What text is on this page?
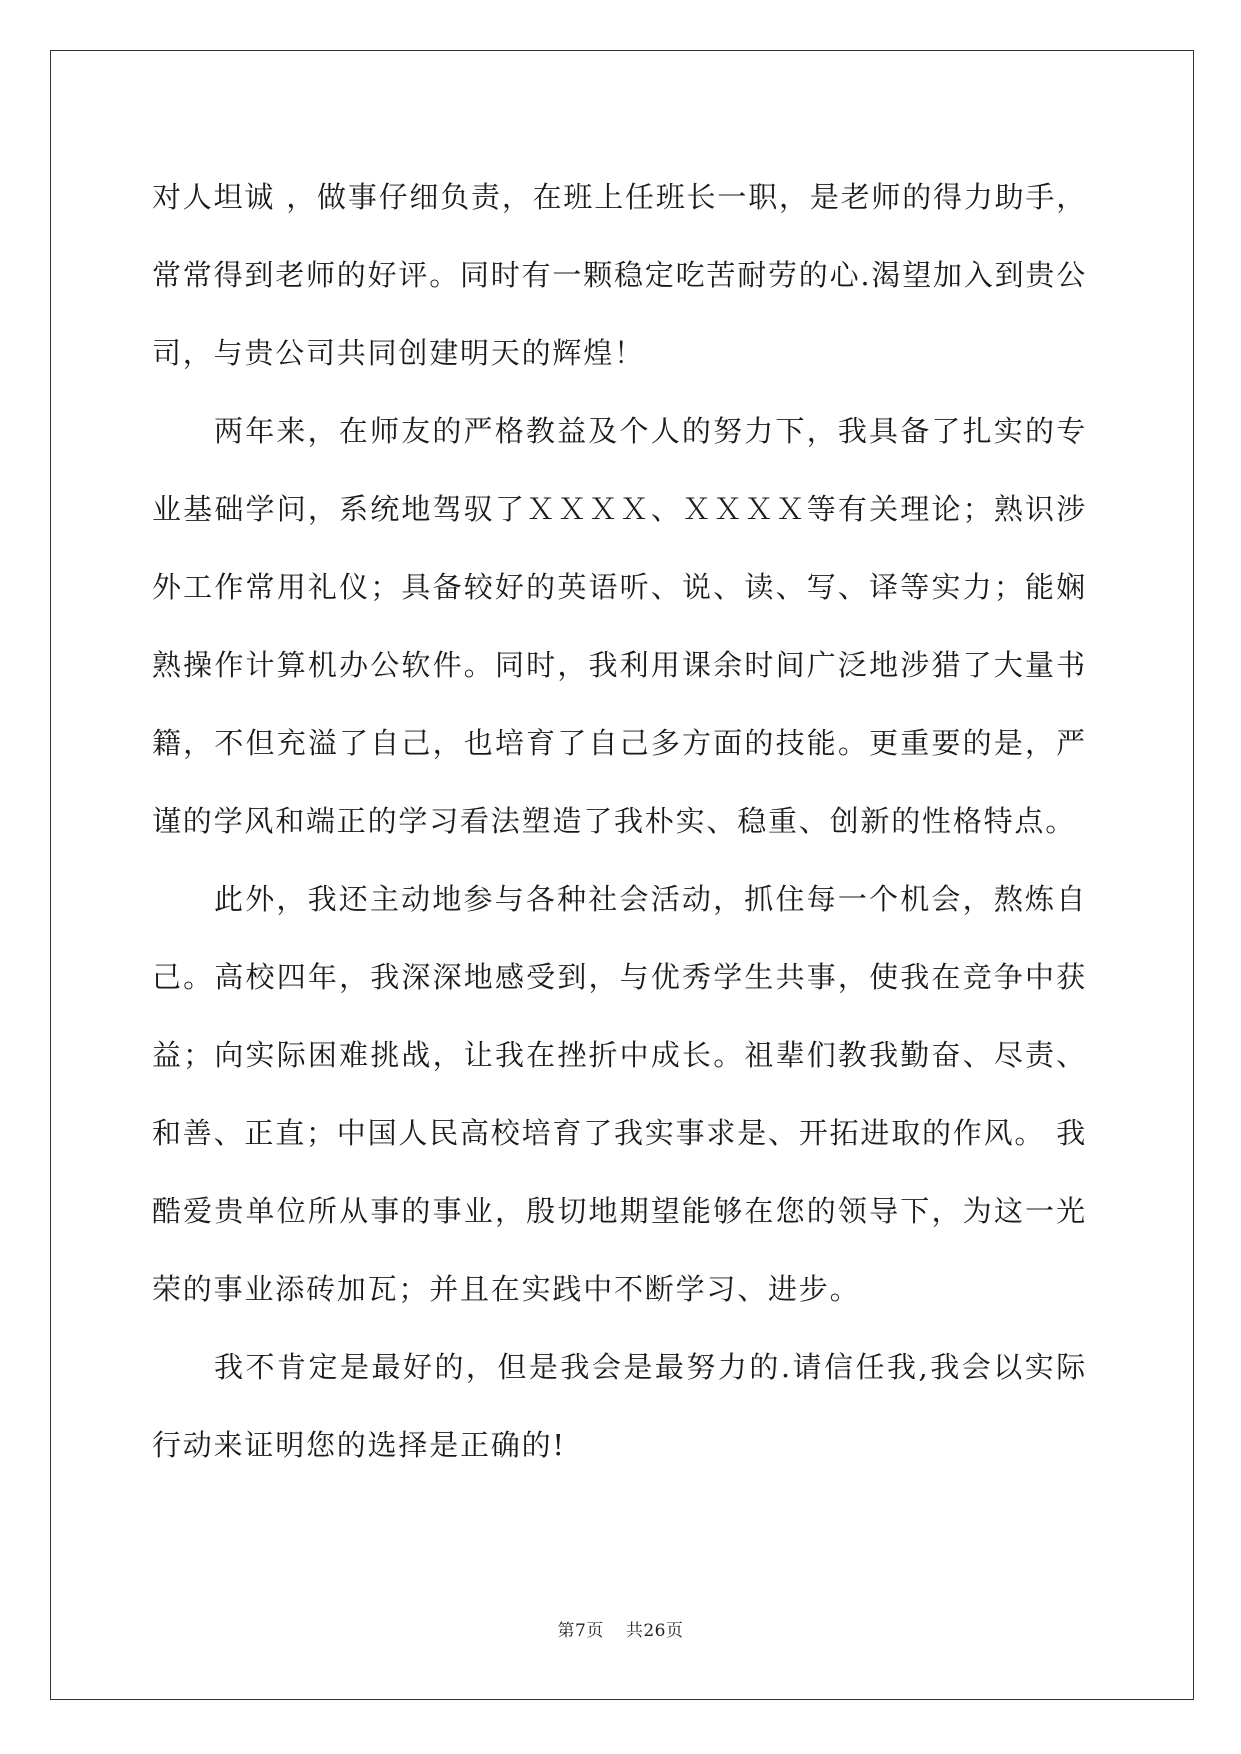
对人坦诚 ，做事仔细负责，在班上任班长一职，是老师的得力助手，
常常得到老师的好评。同时有一颗稳定吃苦耐劳的心.渴望加入到贵公
司，与贵公司共同创建明天的辉煌！
两年来，在师友的严格教益及个人的努力下，我具备了扎实的专
业基础学问，系统地驾驭了ＸＸＸＸ、ＸＸＸＸ等有关理论；熟识涉
外工作常用礼仪；具备较好的英语听、说、读、写、译等实力；能娴
熟操作计算机办公软件。同时，我利用课余时间广泛地涉猎了大量书
籍，不但充溢了自己，也培育了自己多方面的技能。更重要的是，严
谨的学风和端正的学习看法塑造了我朴实、稳重、创新的性格特点。
此外，我还主动地参与各种社会活动，抓住每一个机会，熬炼自
己。高校四年，我深深地感受到，与优秀学生共事，使我在竞争中获
益；向实际困难挑战，让我在挫折中成长。祖辈们教我勤奋、尽责、
和善、正直；中国人民高校培育了我实事求是、开拓进取的作风。 我
酷爱贵单位所从事的事业，殷切地期望能够在您的领导下，为这一光
荣的事业添砖加瓦；并且在实践中不断学习、进步。
我不肯定是最好的，但是我会是最努力的.请信任我,我会以实际
行动来证明您的选择是正确的!
第7页 共26页
